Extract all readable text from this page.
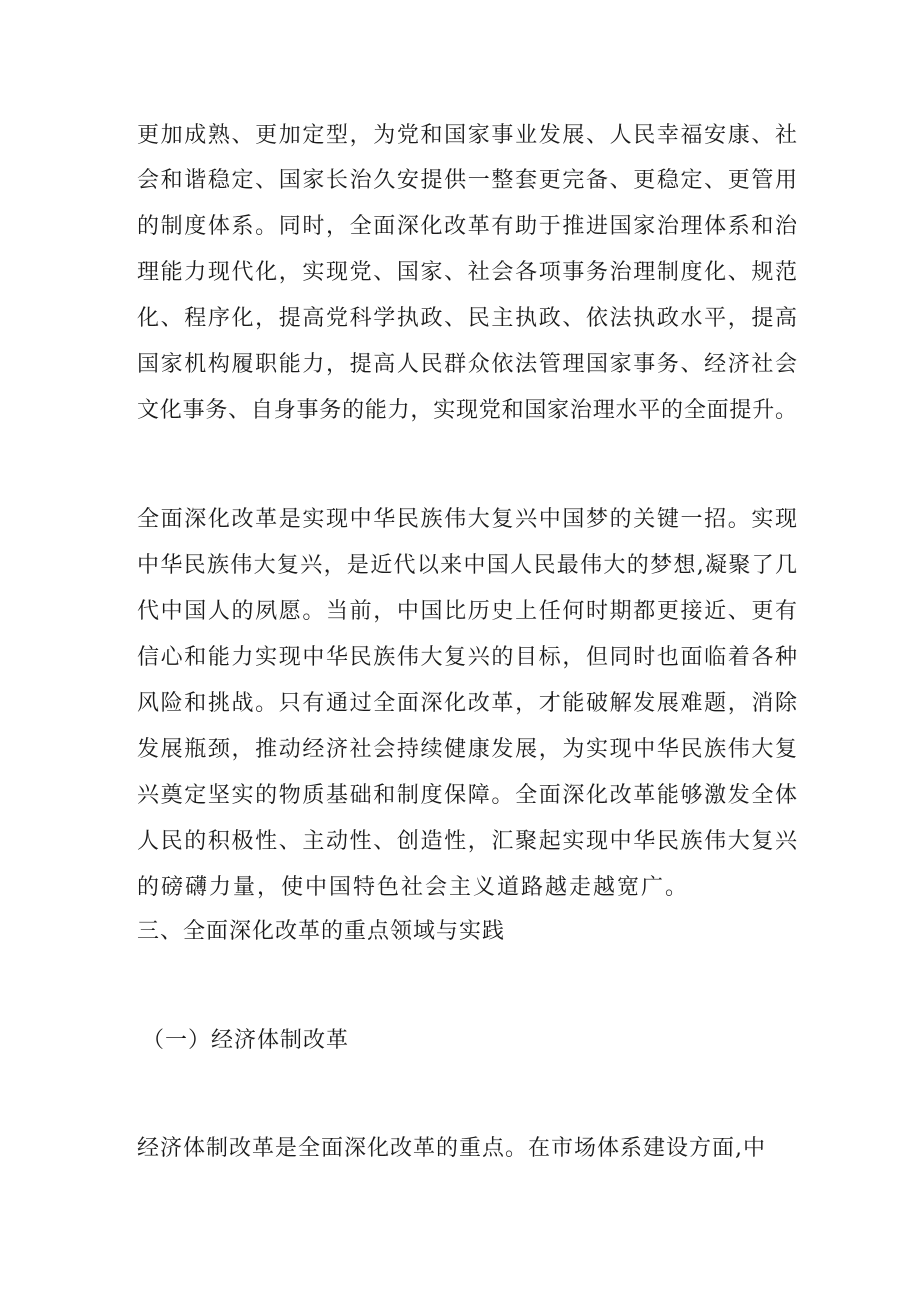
更加成熟、更加定型，为党和国家事业发展、人民幸福安康、社
会和谐稳定、国家长治久安提供一整套更完备、更稳定、更管用
的制度体系。同时，全面深化改革有助于推进国家治理体系和治
理能力现代化，实现党、国家、社会各项事务治理制度化、规范
化、程序化，提高党科学执政、民主执政、依法执政水平，提高
国家机构履职能力，提高人民群众依法管理国家事务、经济社会
文化事务、自身事务的能力，实现党和国家治理水平的全面提升。
全面深化改革是实现中华民族伟大复兴中国梦的关键一招。实现
中华民族伟大复兴，是近代以来中国人民最伟大的梦想,凝聚了几
代中国人的夙愿。当前，中国比历史上任何时期都更接近、更有
信心和能力实现中华民族伟大复兴的目标，但同时也面临着各种
风险和挑战。只有通过全面深化改革，才能破解发展难题，消除
发展瓶颈，推动经济社会持续健康发展，为实现中华民族伟大复
兴奠定坚实的物质基础和制度保障。全面深化改革能够激发全体
人民的积极性、主动性、创造性，汇聚起实现中华民族伟大复兴
的磅礴力量，使中国特色社会主义道路越走越宽广。
三、全面深化改革的重点领域与实践
（一）经济体制改革
经济体制改革是全面深化改革的重点。在市场体系建设方面,中
